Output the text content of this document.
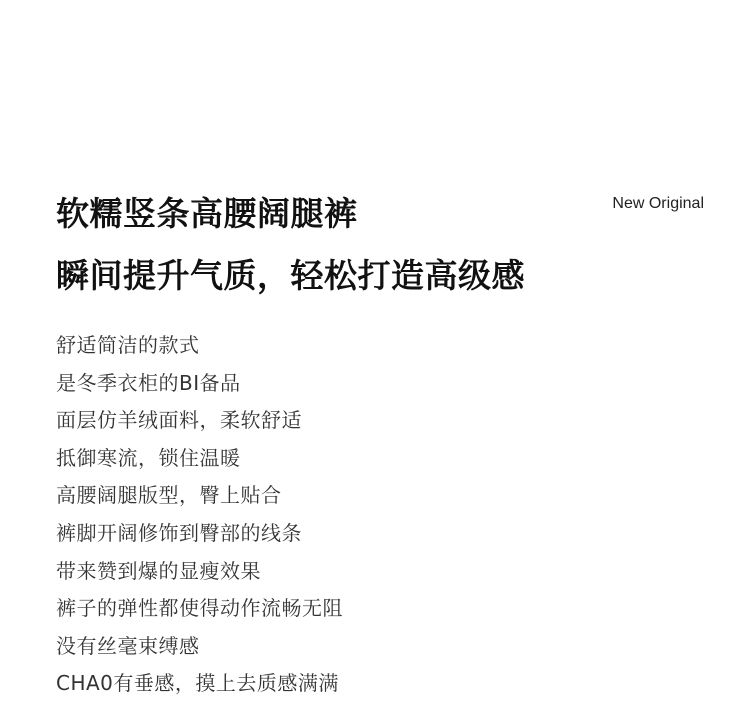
软糯竖条高腰阔腿裤
瞬间提升气质，轻松打造高级感
New Original
舒适简洁的款式
是冬季衣柜的BI备品
面层仿羊绒面料，柔软舒适
抵御寒流，锁住温暖
高腰阔腿版型，臀上贴合
裤脚开阔修饰到臀部的线条
带来赞到爆的显瘦效果
裤子的弹性都使得动作流畅无阻
没有丝毫束缚感
CHA0有垂感，摸上去质感满满
